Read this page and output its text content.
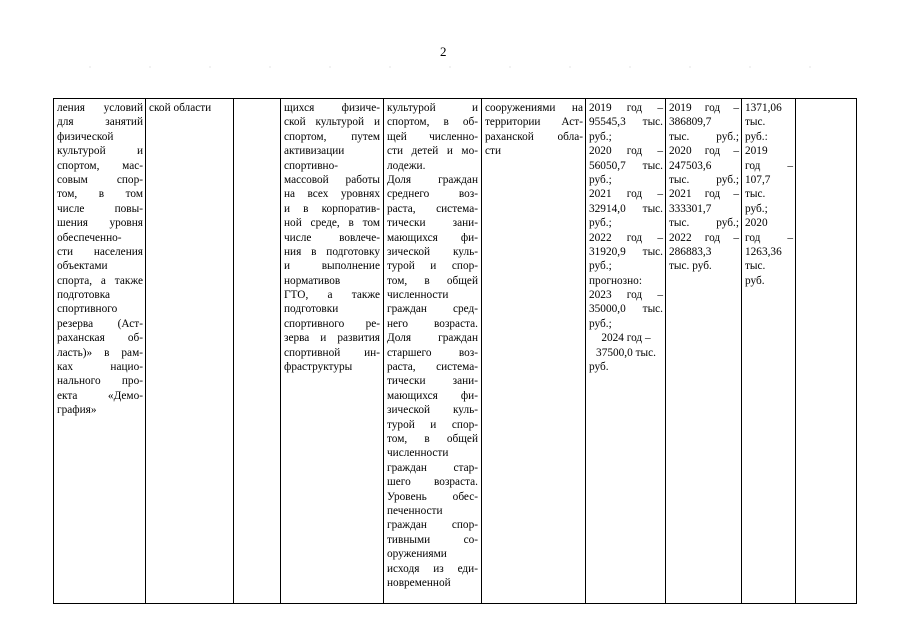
2
ления условий
для занятий
физической
культурой и
спортом, мас-
совым спор-
том, в том
числе повы-
шения уровня
обеспеченно-
сти населения
объектами
спорта, а также
подготовка
спортивного
резерва (Аст-
раханская об-
ласть)» в рам-
ках нацио-
нального про-
екта «Демо-
графия»
ской области	щихся физиче-
ской культурой и
спортом, путем
активизации
спортивно-
массовой работы
на всех уровнях
и в корпоратив-
ной среде, в том
числе вовлече-
ния в подготовку
и выполнение
нормативов
ГТО, а также
подготовки
спортивного ре-
зерва и развития
спортивной ин-
фраструктуры
культурой и
спортом, в об-
щей численно-
сти детей и мо-
лодежи.
Доля граждан
среднего воз-
раста, система-
тически зани-
мающихся фи-
зической куль-
турой и спор-
том, в общей
численности
граждан сред-
него возраста.
Доля граждан
старшего воз-
раста, система-
тически зани-
мающихся фи-
зической куль-
турой и спор-
том, в общей
численности
граждан стар-
шего возраста.
Уровень обес-
печенности
граждан спор-
тивными со-
оружениями
исходя из еди-
новременной
сооружениями на
территории Аст-
раханской обла-
сти
2019 год –
95545,3 тыс.
руб.;
2020 год –
56050,7 тыс.
руб.;
2021 год –
32914,0 тыс.
руб.;
2022 год –
31920,9 тыс.
руб.;
прогнозно:
2023 год –
35000,0 тыс.
руб.;
2024 год –
37500,0 тыс.
руб.
2019 год –
386809,7
тыс. руб.;
2020 год –
247503,6
тыс. руб.;
2021 год –
333301,7
тыс. руб.;
2022 год –
286883,3
тыс. руб.
1371,06
тыс.
руб.:
2019
год –
107,7
тыс.
руб.;
2020
год –
1263,36
тыс.
руб.
